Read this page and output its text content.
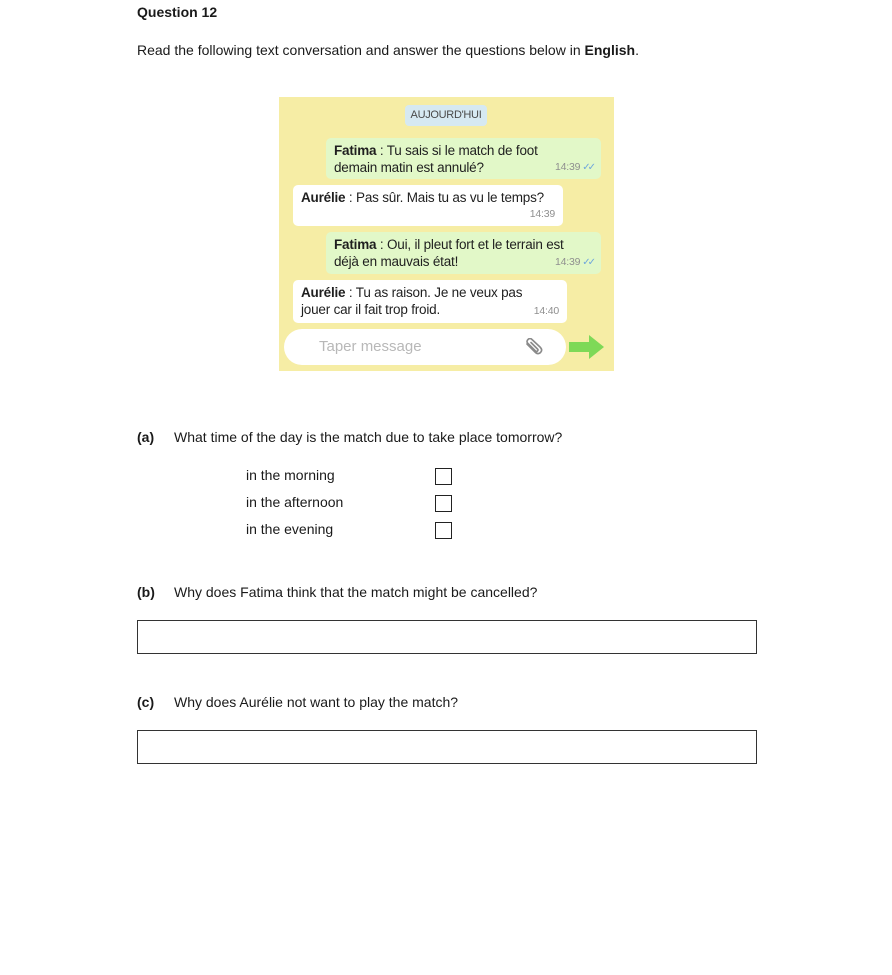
Question 12
Read the following text conversation and answer the questions below in English.
AUJOURD'HUI
Fatima : Tu sais si le match de foot
demain matin est annulé?	14:39 ✓✓
Aurélie : Pas sûr. Mais tu as vu le temps?
14:39
Fatima : Oui, il pleut fort et le terrain est
déjà en mauvais état!	14:39 ✓✓
Aurélie : Tu as raison. Je ne veux pas
jouer car il fait trop froid.	14:40
Taper message
(a) What time of the day is the match due to take place tomorrow?
in the morning
in the afternoon
in the evening
(b) Why does Fatima think that the match might be cancelled?
(c) Why does Aurélie not want to play the match?
